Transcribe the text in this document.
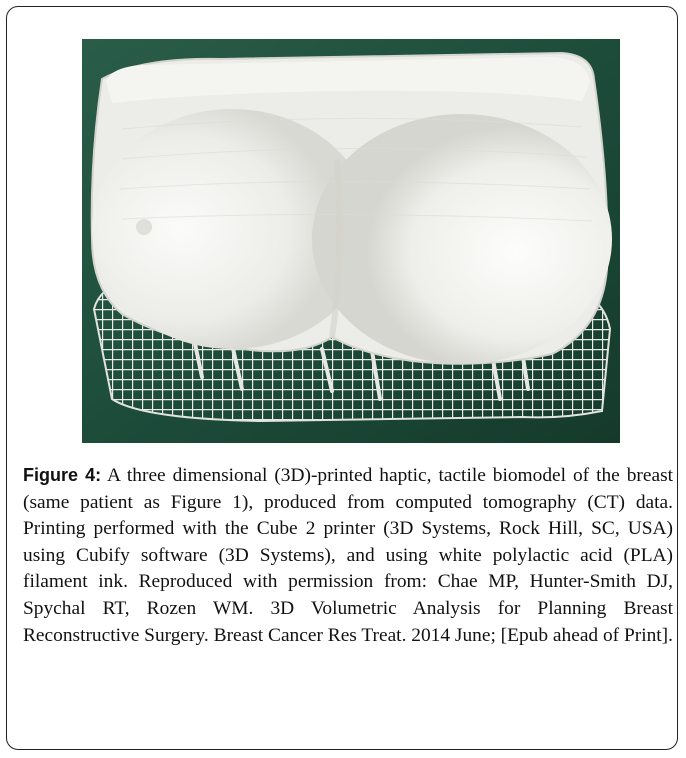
Figure 4: A three dimensional (3D)-printed haptic, tactile biomodel of the breast (same patient as Figure 1), produced from computed tomography (CT) data. Printing performed with the Cube 2 printer (3D Systems, Rock Hill, SC, USA) using Cubify software (3D Systems), and using white polylactic acid (PLA) filament ink. Reproduced with permission from: Chae MP, Hunter-Smith DJ, Spychal RT, Rozen WM. 3D Volumetric Analysis for Planning Breast Reconstructive Surgery. Breast Cancer Res Treat. 2014 June; [Epub ahead of Print].
